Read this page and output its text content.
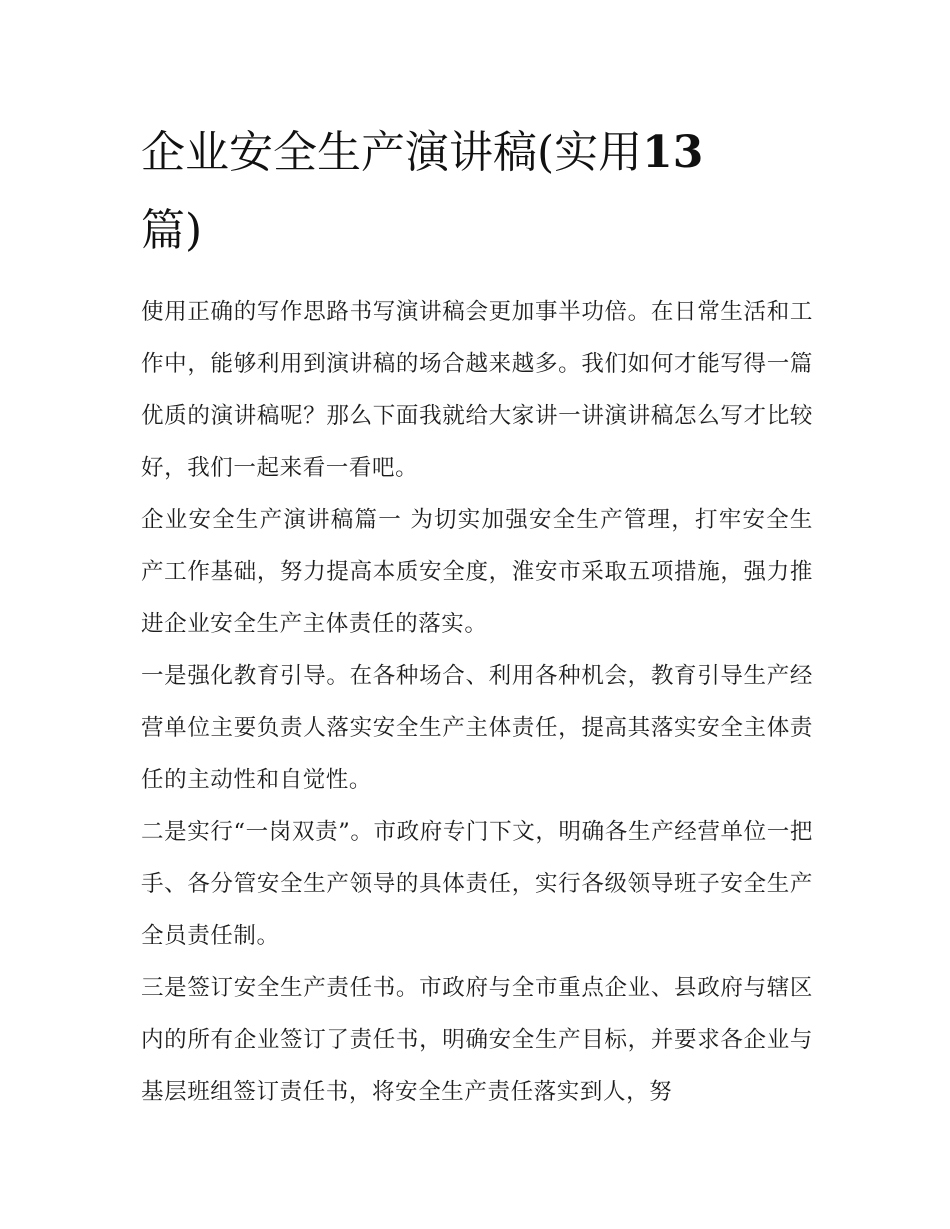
企业安全生产演讲稿(实用13
篇)

使用正确的写作思路书写演讲稿会更加事半功倍。在日常生活和工作中，能够利用到演讲稿的场合越来越多。我们如何才能写得一篇优质的演讲稿呢？那么下面我就给大家讲一讲演讲稿怎么写才比较好，我们一起来看一看吧。

企业安全生产演讲稿篇一 为切实加强安全生产管理，打牢安全生产工作基础，努力提高本质安全度，淮安市采取五项措施，强力推进企业安全生产主体责任的落实。

一是强化教育引导。在各种场合、利用各种机会，教育引导生产经营单位主要负责人落实安全生产主体责任，提高其落实安全主体责任的主动性和自觉性。

二是实行“一岗双责”。市政府专门下文，明确各生产经营单位一把手、各分管安全生产领导的具体责任，实行各级领导班子安全生产全员责任制。

三是签订安全生产责任书。市政府与全市重点企业、县政府与辖区内的所有企业签订了责任书，明确安全生产目标，并要求各企业与基层班组签订责任书，将安全生产责任落实到人，努
